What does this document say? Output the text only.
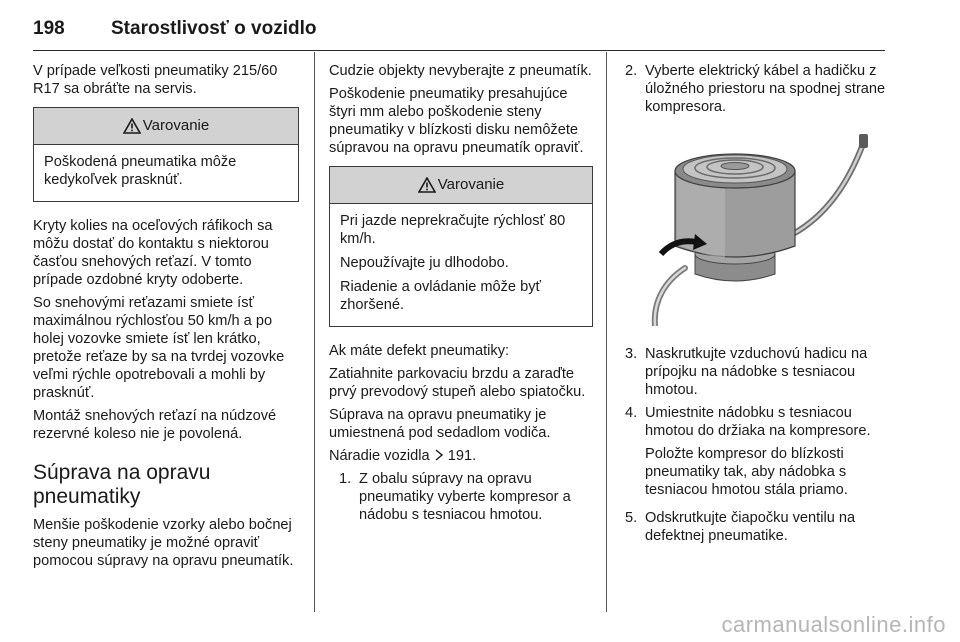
198 Starostlivosť o vozidlo

V prípade veľkosti pneumatiky 215/60 R17 sa obráťte na servis.

Varovanie

Poškodená pneumatika môže kedykoľvek prasknúť.

Kryty kolies na oceľových ráfikoch sa môžu dostať do kontaktu s niektorou časťou snehových reťazí. V tomto prípade ozdobné kryty odoberte.

So snehovými reťazami smiete ísť maximálnou rýchlosťou 50 km/h a po holej vozovke smiete ísť len krátko, pretože reťaze by sa na tvrdej vozovke veľmi rýchle opotrebovali a mohli by prasknúť.

Montáž snehových reťazí na núdzové rezervné koleso nie je povolená.

Súprava na opravu pneumatiky

Menšie poškodenie vzorky alebo bočnej steny pneumatiky je možné opraviť pomocou súpravy na opravu pneumatík.

Cudzie objekty nevyberajte z pneumatík.

Poškodenie pneumatiky presahujúce štyri mm alebo poškodenie steny pneumatiky v blízkosti disku nemôžete súpravou na opravu pneumatík opraviť.

Varovanie

Pri jazde neprekračujte rýchlosť 80 km/h.

Nepoužívajte ju dlhodobo.

Riadenie a ovládanie môže byť zhoršené.

Ak máte defekt pneumatiky:

Zatiahnite parkovaciu brzdu a zaraďte prvý prevodový stupeň alebo spiatočku.

Súprava na opravu pneumatiky je umiestnená pod sedadlom vodiča.

Náradie vozidla 191.

1. Z obalu súpravy na opravu pneumatiky vyberte kompresor a nádobu s tesniacou hmotou.
2. Vyberte elektrický kábel a hadičku z úložného priestoru na spodnej strane kompresora.
3. Naskrutkujte vzduchovú hadicu na prípojku na nádobke s tesniacou hmotou.
4. Umiestnite nádobku s tesniacou hmotou do držiaka na kompresore.

Položte kompresor do blízkosti pneumatiky tak, aby nádobka s tesniacou hmotou stála priamo.

5. Odskrutkujte čiapočku ventilu na defektnej pneumatike.
carmanualsonline.info
